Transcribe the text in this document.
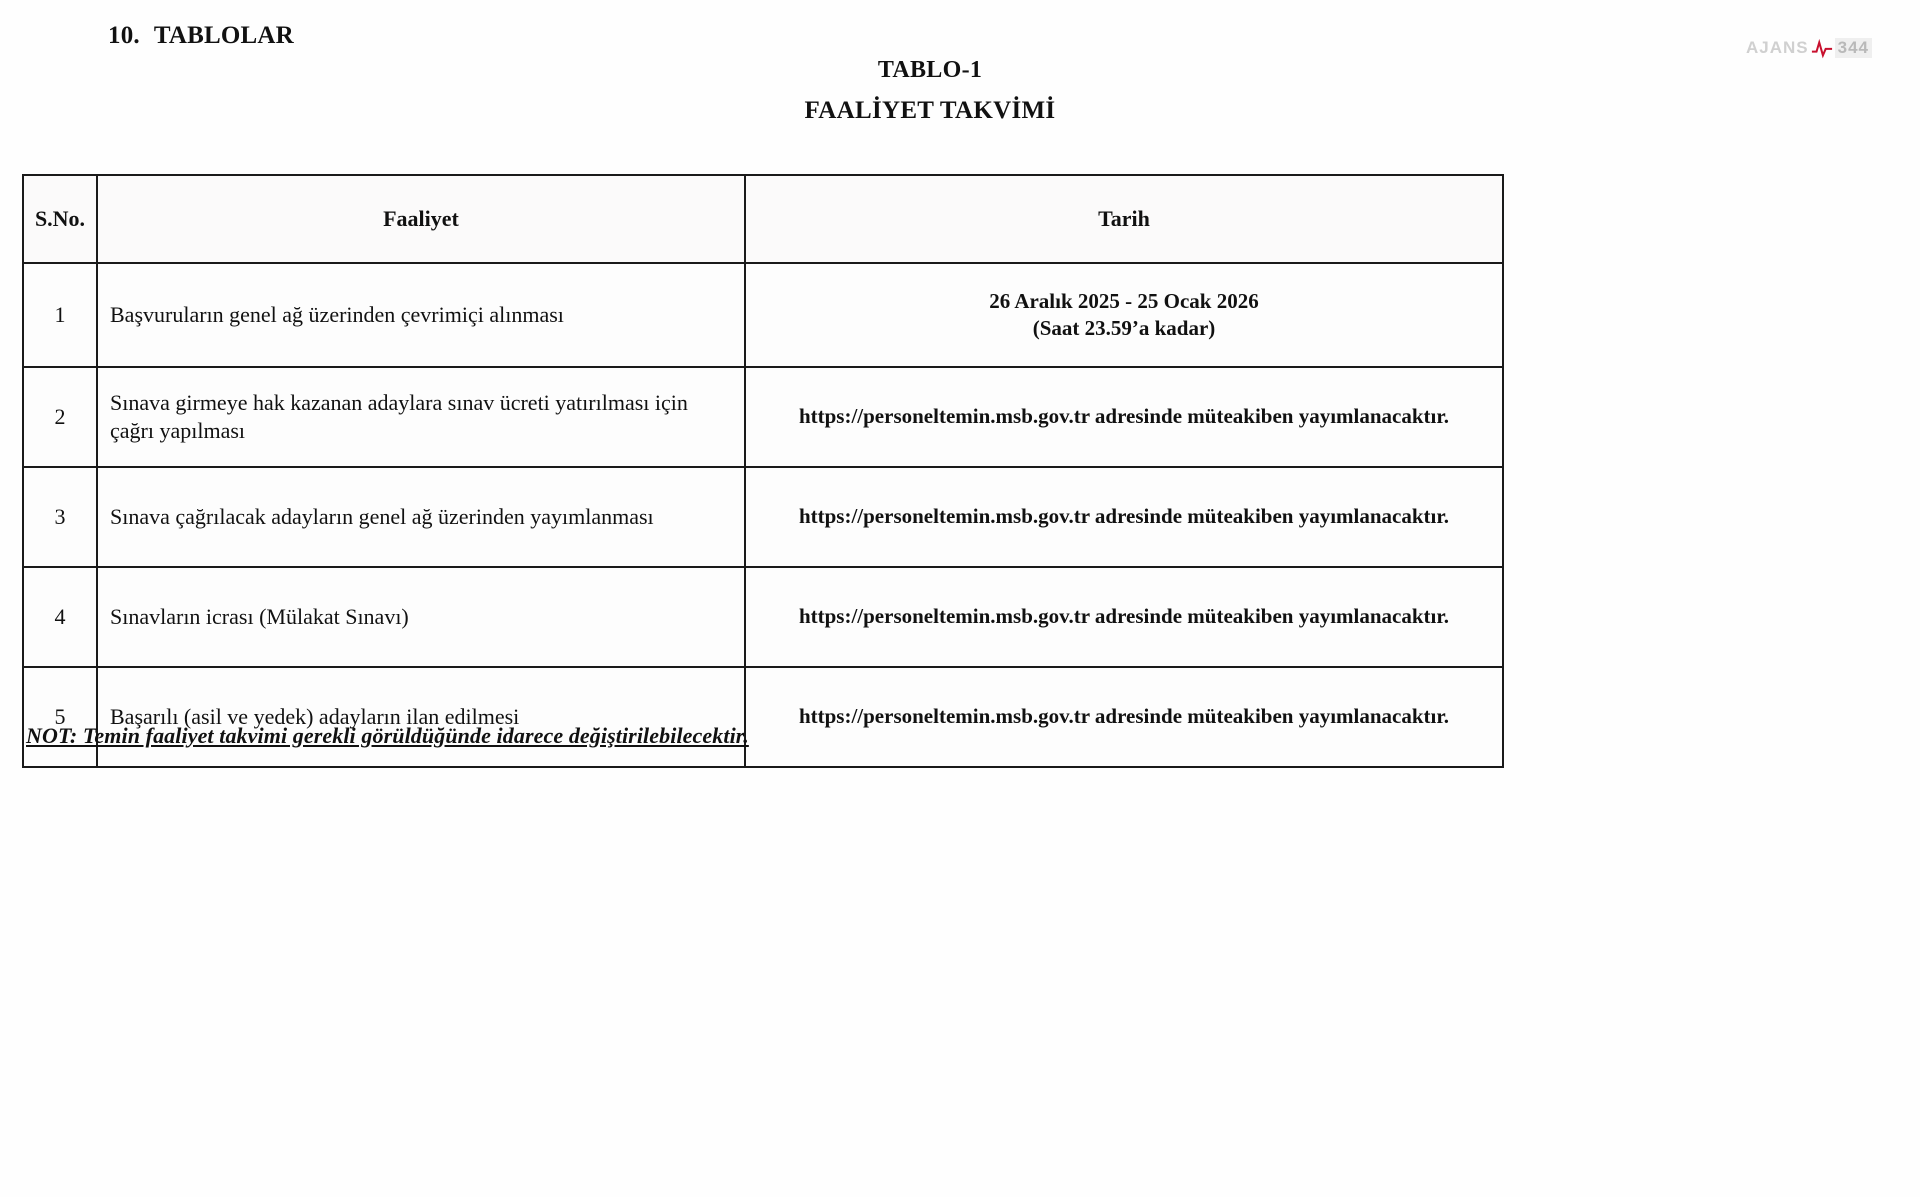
10. TABLOLAR
TABLO-1
FAALİYET TAKVİMİ
AJANS 344
S.No.	Faaliyet	Tarih
1	Başvuruların genel ağ üzerinden çevrimiçi alınması	26 Aralık 2025 - 25 Ocak 2026
(Saat 23.59’a kadar)

2	Sınava girmeye hak kazanan adaylara sınav ücreti yatırılması için çağrı yapılması	https://personeltemin.msb.gov.tr adresinde müteakiben yayımlanacaktır.
3	Sınava çağrılacak adayların genel ağ üzerinden yayımlanması	https://personeltemin.msb.gov.tr adresinde müteakiben yayımlanacaktır.
4	Sınavların icrası (Mülakat Sınavı)	https://personeltemin.msb.gov.tr adresinde müteakiben yayımlanacaktır.
5	Başarılı (asil ve yedek) adayların ilan edilmesi	https://personeltemin.msb.gov.tr adresinde müteakiben yayımlanacaktır.
NOT: Temin faaliyet takvimi gerekli görüldüğünde idarece değiştirilebilecektir.
